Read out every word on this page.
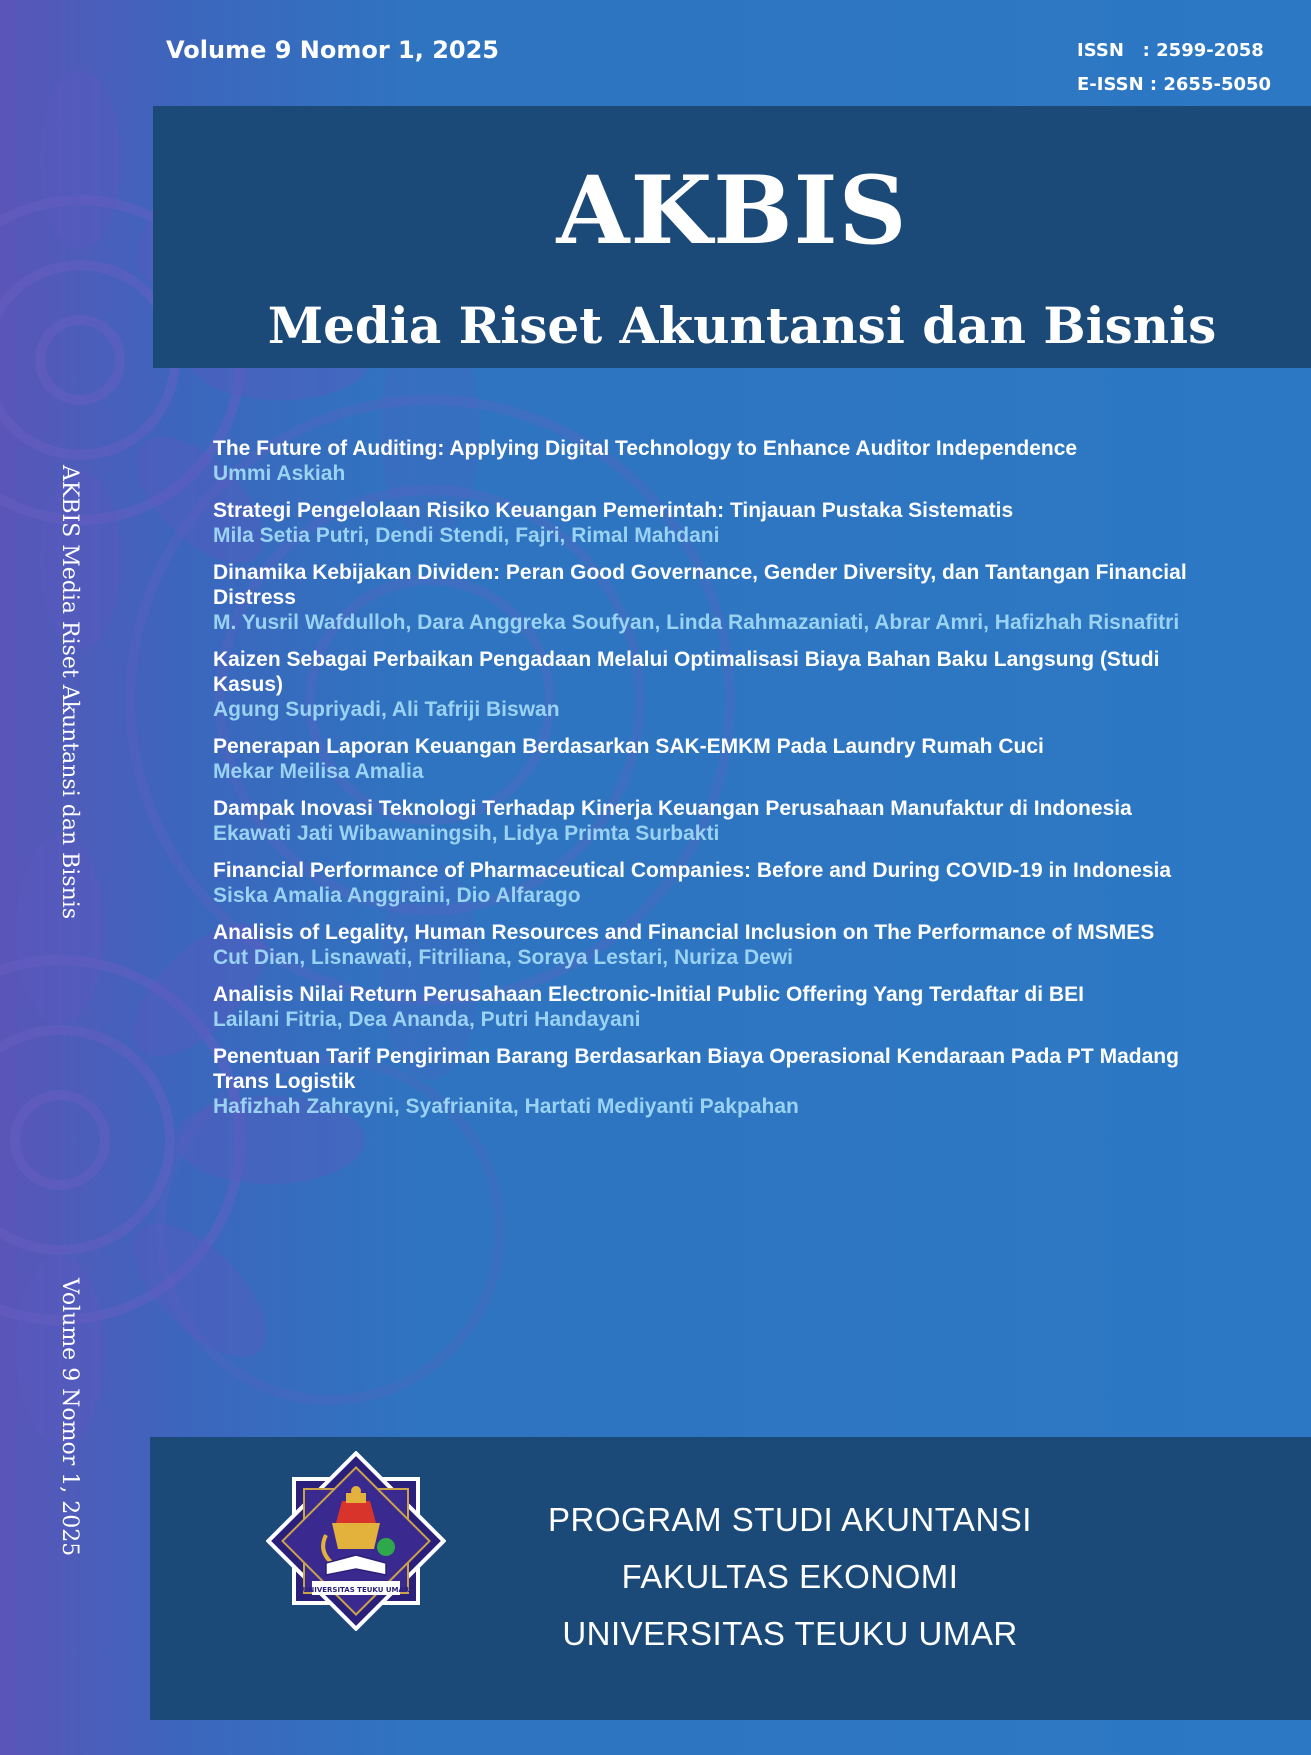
Volume 9 Nomor 1, 2025	ISSN   : 2599-2058
E-ISSN : 2655-5050
AKBIS
Media Riset Akuntansi dan Bisnis
AKBIS Media Riset Akuntansi dan Bisnis
Volume 9 Nomor 1, 2025
The Future of Auditing: Applying Digital Technology to Enhance Auditor Independence
Ummi Askiah
Strategi Pengelolaan Risiko Keuangan Pemerintah: Tinjauan Pustaka Sistematis
Mila Setia Putri, Dendi Stendi, Fajri, Rimal Mahdani
Dinamika Kebijakan Dividen: Peran Good Governance, Gender Diversity, dan Tantangan Financial Distress
M. Yusril Wafdulloh, Dara Anggreka Soufyan, Linda Rahmazaniati, Abrar Amri, Hafizhah Risnafitri
Kaizen Sebagai Perbaikan Pengadaan Melalui Optimalisasi Biaya Bahan Baku Langsung (Studi Kasus)
Agung Supriyadi, Ali Tafriji Biswan
Penerapan Laporan Keuangan Berdasarkan SAK-EMKM Pada Laundry Rumah Cuci
Mekar Meilisa Amalia
Dampak Inovasi Teknologi Terhadap Kinerja Keuangan Perusahaan Manufaktur di Indonesia
Ekawati Jati Wibawaningsih, Lidya Primta Surbakti
Financial Performance of Pharmaceutical Companies: Before and During COVID-19 in Indonesia
Siska Amalia Anggraini, Dio Alfarago
Analisis of Legality, Human Resources and Financial Inclusion on The Performance of MSMES
Cut Dian, Lisnawati, Fitriliana, Soraya Lestari, Nuriza Dewi
Analisis Nilai Return Perusahaan Electronic-Initial Public Offering Yang Terdaftar di BEI
Lailani Fitria, Dea Ananda, Putri Handayani
Penentuan Tarif Pengiriman Barang Berdasarkan Biaya Operasional Kendaraan Pada PT Madang Trans Logistik
Hafizhah Zahrayni, Syafrianita, Hartati Mediyanti Pakpahan
UNIVERSITAS TEUKU UMAR
PROGRAM STUDI AKUNTANSI
FAKULTAS EKONOMI
UNIVERSITAS TEUKU UMAR
